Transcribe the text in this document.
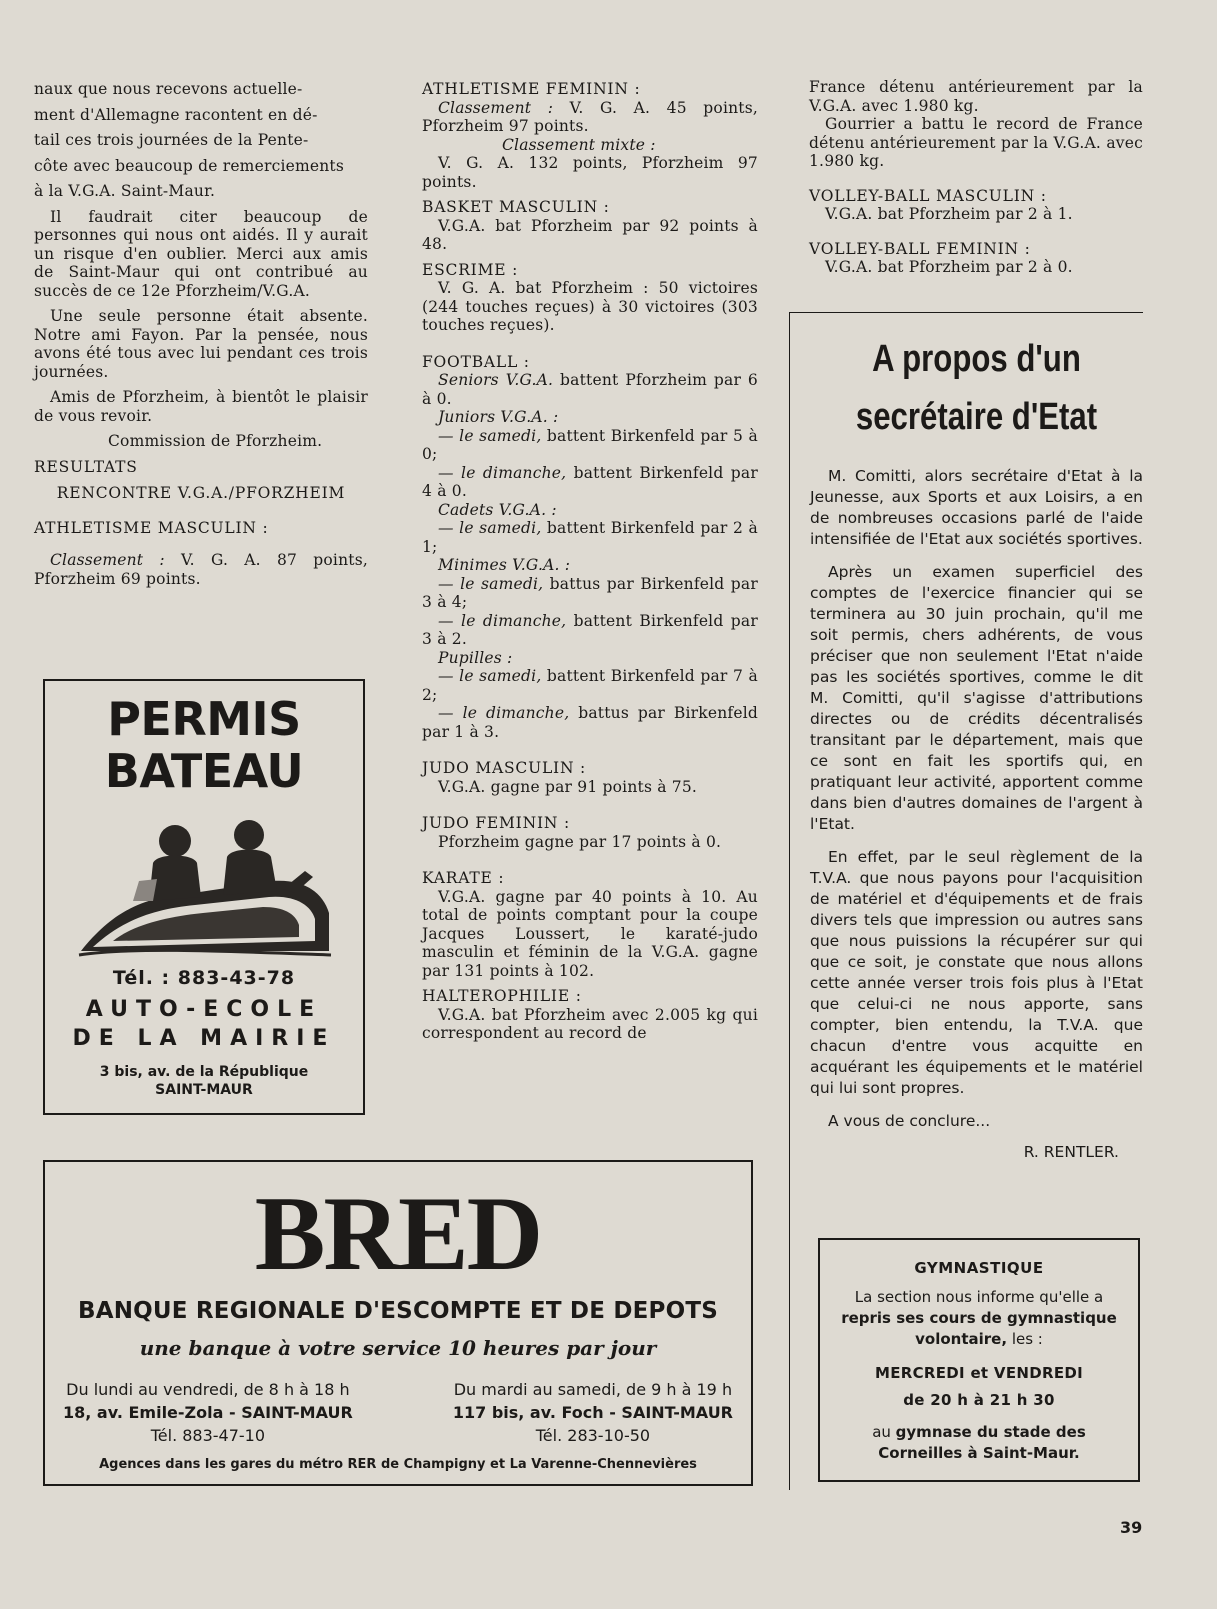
naux que nous recevons actuelle-

ment d'Allemagne racontent en dé-

tail ces trois journées de la Pente-

côte avec beaucoup de remerciements

à la V.G.A. Saint-Maur.

Il faudrait citer beaucoup de personnes qui nous ont aidés. Il y aurait un risque d'en oublier. Merci aux amis de Saint-Maur qui ont contribué au succès de ce 12e Pforzheim/V.G.A.

Une seule personne était absente. Notre ami Fayon. Par la pensée, nous avons été tous avec lui pendant ces trois journées.

Amis de Pforzheim, à bientôt le plaisir de vous revoir.

Commission de Pforzheim.

RESULTATS

RENCONTRE V.G.A./PFORZHEIM

ATHLETISME MASCULIN :

Classement : V. G. A. 87 points, Pforzheim 69 points.

PERMIS
BATEAU
Tél. : 883-43-78
AUTO-ECOLE
DE LA MAIRIE
3 bis, av. de la République
SAINT-MAUR

ATHLETISME FEMININ :

Classement : V. G. A. 45 points, Pforzheim 97 points.

Classement mixte :

V. G. A. 132 points, Pforzheim 97 points.

BASKET MASCULIN :

V.G.A. bat Pforzheim par 92 points à 48.

ESCRIME :

V. G. A. bat Pforzheim : 50 victoires (244 touches reçues) à 30 victoires (303 touches reçues).

FOOTBALL :

Seniors V.G.A. battent Pforzheim par 6 à 0.

Juniors V.G.A. :

— le samedi, battent Birkenfeld par 5 à 0;

— le dimanche, battent Birkenfeld par 4 à 0.

Cadets V.G.A. :

— le samedi, battent Birkenfeld par 2 à 1;

Minimes V.G.A. :

— le samedi, battus par Birkenfeld par 3 à 4;

— le dimanche, battent Birkenfeld par 3 à 2.

Pupilles :

— le samedi, battent Birkenfeld par 7 à 2;

— le dimanche, battus par Birkenfeld par 1 à 3.

JUDO MASCULIN :

V.G.A. gagne par 91 points à 75.

JUDO FEMININ :

Pforzheim gagne par 17 points à 0.

KARATE :

V.G.A. gagne par 40 points à 10. Au total de points comptant pour la coupe Jacques Loussert, le karaté-judo masculin et féminin de la V.G.A. gagne par 131 points à 102.

HALTEROPHILIE :

V.G.A. bat Pforzheim avec 2.005 kg qui correspondent au record de

France détenu antérieurement par la V.G.A. avec 1.980 kg.

Gourrier a battu le record de France détenu antérieurement par la V.G.A. avec 1.980 kg.

VOLLEY-BALL MASCULIN :

V.G.A. bat Pforzheim par 2 à 1.

VOLLEY-BALL FEMININ :

V.G.A. bat Pforzheim par 2 à 0.

A propos d'un secrétaire d'Etat

M. Comitti, alors secrétaire d'Etat à la Jeunesse, aux Sports et aux Loisirs, a en de nombreuses occasions parlé de l'aide intensifiée de l'Etat aux sociétés sportives.

Après un examen superficiel des comptes de l'exercice financier qui se terminera au 30 juin prochain, qu'il me soit permis, chers adhérents, de vous préciser que non seulement l'Etat n'aide pas les sociétés sportives, comme le dit M. Comitti, qu'il s'agisse d'attributions directes ou de crédits décentralisés transitant par le département, mais que ce sont en fait les sportifs qui, en pratiquant leur activité, apportent comme dans bien d'autres domaines de l'argent à l'Etat.

En effet, par le seul règlement de la T.V.A. que nous payons pour l'acquisition de matériel et d'équipements et de frais divers tels que impression ou autres sans que nous puissions la récupérer sur qui que ce soit, je constate que nous allons cette année verser trois fois plus à l'Etat que celui-ci ne nous apporte, sans compter, bien entendu, la T.V.A. que chacun d'entre vous acquitte en acquérant les équipements et le matériel qui lui sont propres.

A vous de conclure...

R. RENTLER.
GYMNASTIQUE
La section nous informe qu'elle a repris ses cours de gymnastique volontaire, les :
MERCREDI et VENDREDI
de 20 h à 21 h 30
au gymnase du stade des Corneilles à Saint-Maur.
BRED
BANQUE REGIONALE D'ESCOMPTE ET DE DEPOTS
une banque à votre service 10 heures par jour
Du lundi au vendredi, de 8 h à 18 h
18, av. Emile-Zola - SAINT-MAUR
Tél. 883-47-10
Du mardi au samedi, de 9 h à 19 h
117 bis, av. Foch - SAINT-MAUR
Tél. 283-10-50
Agences dans les gares du métro RER de Champigny et La Varenne-Chennevières
39
